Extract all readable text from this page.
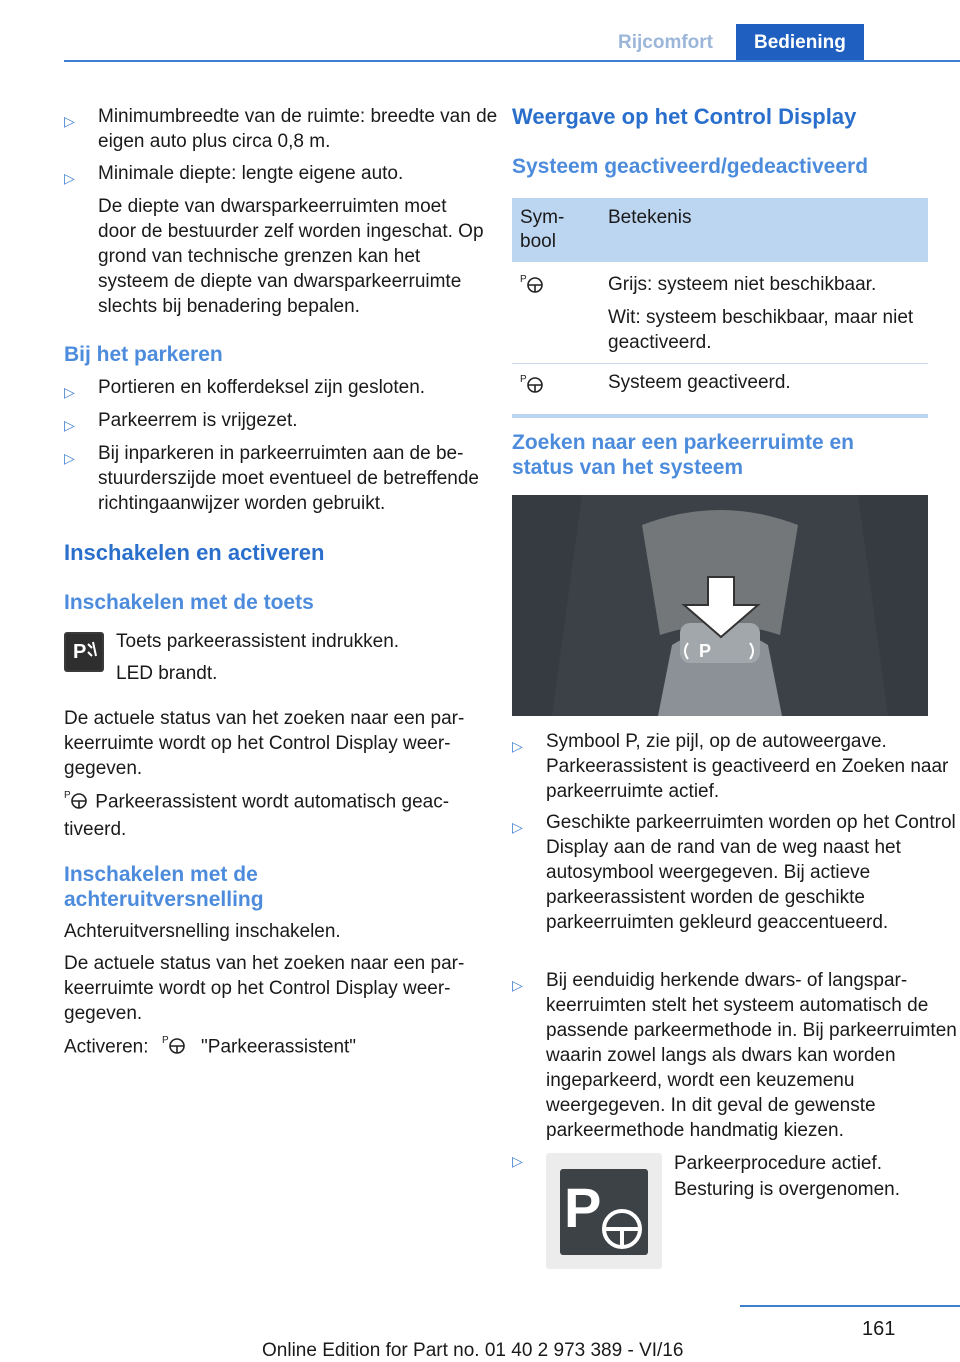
Rijcomfort	Bediening
▷ Minimumbreedte van de ruimte: breedte van de eigen auto plus circa 0,8 m.
▷ Minimale diepte: lengte eigene auto.
De diepte van dwarsparkeerruimten moet door de bestuurder zelf worden ingeschat. Op grond van technische grenzen kan het systeem de diepte van dwarsparkeerruimte slechts bij benadering bepalen.
Bij het parkeren
▷ Portieren en kofferdeksel zijn gesloten.
▷ Parkeerrem is vrijgezet.
▷ Bij inparkeren in parkeerruimten aan de bestuurderszijde moet eventueel de betreffende richtingaanwijzer worden gebruikt.
Inschakelen en activeren
Inschakelen met de toets
P Toets parkeerassistent indrukken.
LED brandt.
De actuele status van het zoeken naar een parkeerruimte wordt op het Control Display weergegeven.
P Parkeerassistent wordt automatisch geactiveerd.
Inschakelen met de achteruitversnelling
Achteruitversnelling inschakelen.
De actuele status van het zoeken naar een parkeerruimte wordt op het Control Display weergegeven.
Activeren: P "Parkeerassistent"
Weergave op het Control Display
Systeem geactiveerd/gedeactiveerd
Symbool	Betekenis

P	Grijs: systeem niet beschikbaar.
Wit: systeem beschikbaar, maar niet geactiveerd.

P	Systeem geactiveerd.
Zoeken naar een parkeerruimte en status van het systeem
P
▷ Symbool P, zie pijl, op de autoweergave. Parkeerassistent is geactiveerd en Zoeken naar parkeerruimte actief.
▷ Geschikte parkeerruimten worden op het Control Display aan de rand van de weg naast het autosymbool weergegeven. Bij actieve parkeerassistent worden de geschikte parkeerruimten gekleurd geaccentueerd.
▷ Bij eenduidig herkende dwars- of langsparkeerruimten stelt het systeem automatisch de passende parkeermethode in. Bij parkeerruimten waarin zowel langs als dwars kan worden ingeparkeerd, wordt een keuzemenu weergegeven. In dit geval de gewenste parkeermethode handmatig kiezen.
▷
P
Parkeerprocedure actief.
Besturing is overgenomen.
161
Online Edition for Part no. 01 40 2 973 389 - VI/16
